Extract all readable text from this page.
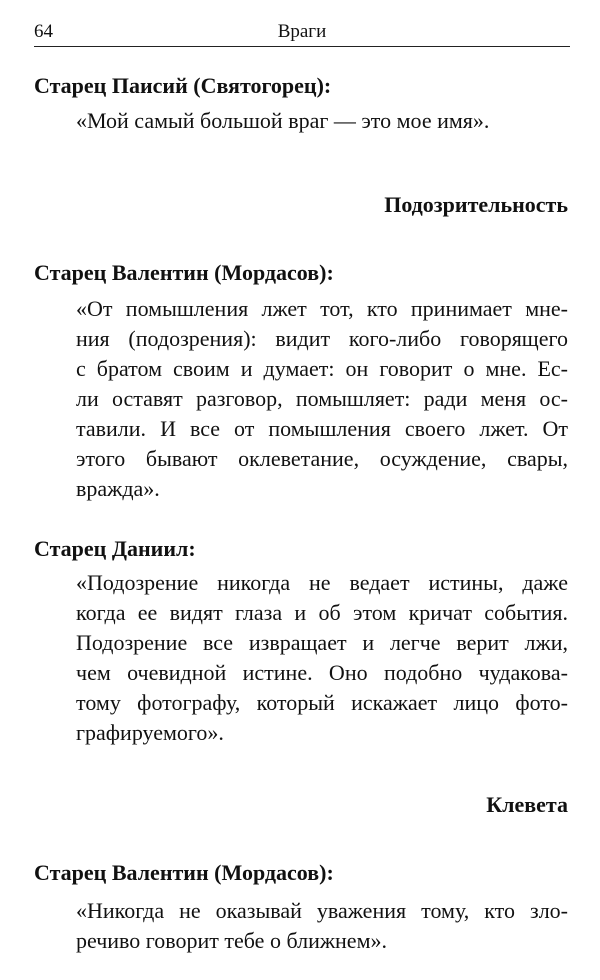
64	Враги

Старец Паисий (Святогорец):

«Мой самый большой враг — это мое имя».
Подозрительность

Старец Валентин (Мордасов):

«От помышления лжет тот, кто принимает мне-
ния (подозрения): видит кого-либо говорящего
с братом своим и думает: он говорит о мне. Ес-
ли оставят разговор, помышляет: ради меня ос-
тавили. И все от помышления своего лжет. От
этого бывают оклеветание, осуждение, свары,
вражда».

Старец Даниил:

«Подозрение никогда не ведает истины, даже
когда ее видят глаза и об этом кричат события.
Подозрение все извращает и легче верит лжи,
чем очевидной истине. Оно подобно чудакова-
тому фотографу, который искажает лицо фото-
графируемого».
Клевета

Старец Валентин (Мордасов):

«Никогда не оказывай уважения тому, кто зло-
речиво говорит тебе о ближнем».
